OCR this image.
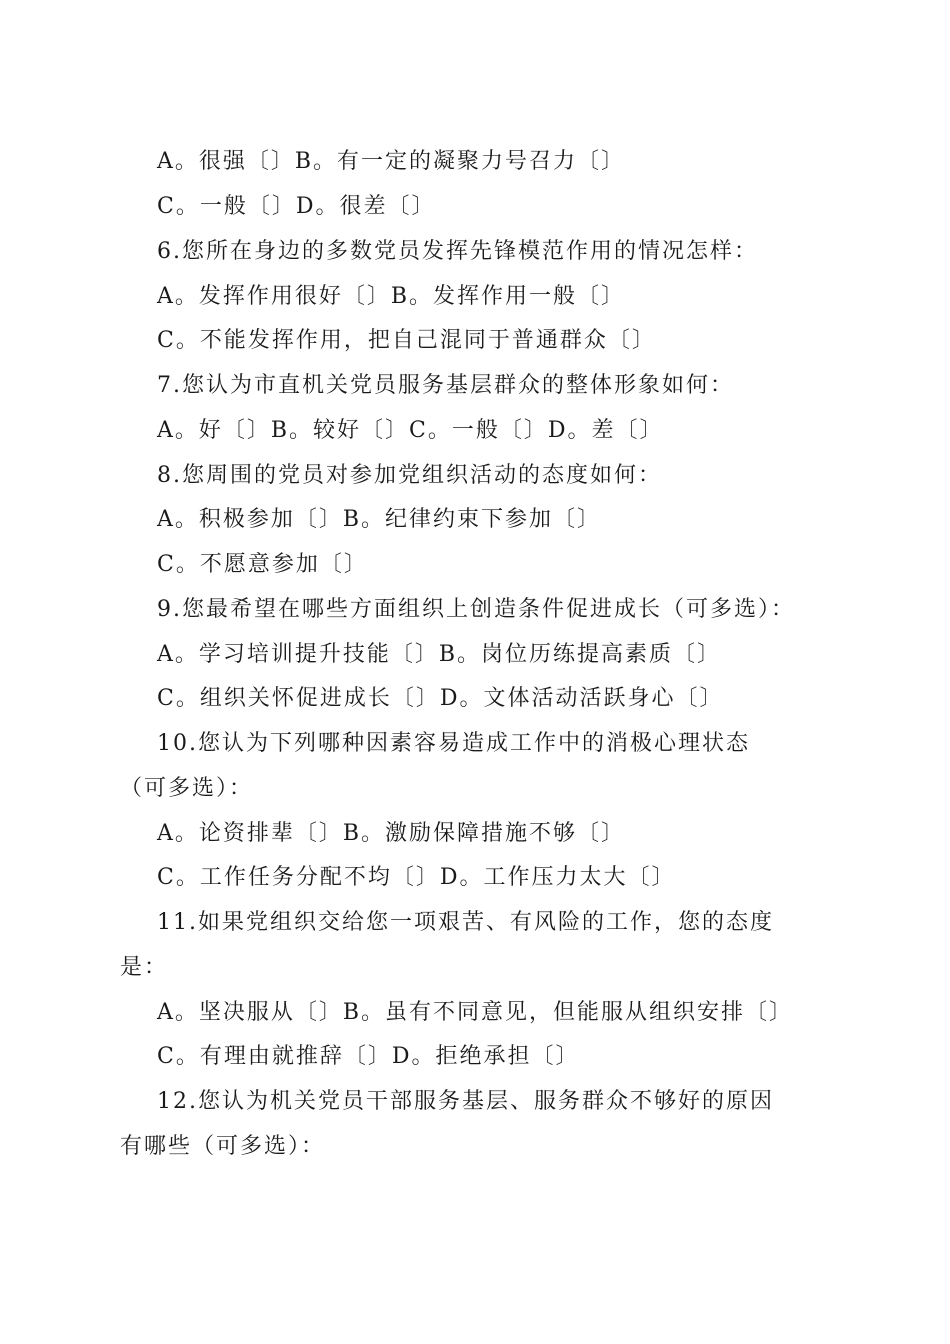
A。很强〔〕B。有一定的凝聚力号召力〔〕
C。一般〔〕D。很差〔〕
6.您所在身边的多数党员发挥先锋模范作用的情况怎样：
A。发挥作用很好〔〕B。发挥作用一般〔〕
C。不能发挥作用，把自己混同于普通群众〔〕
7.您认为市直机关党员服务基层群众的整体形象如何：
A。好〔〕B。较好〔〕C。一般〔〕D。差〔〕
8.您周围的党员对参加党组织活动的态度如何：
A。积极参加〔〕B。纪律约束下参加〔〕
C。不愿意参加〔〕
9.您最希望在哪些方面组织上创造条件促进成长（可多选）：
A。学习培训提升技能〔〕B。岗位历练提高素质〔〕
C。组织关怀促进成长〔〕D。文体活动活跃身心〔〕
10.您认为下列哪种因素容易造成工作中的消极心理状态
（可多选）：
A。论资排辈〔〕B。激励保障措施不够〔〕
C。工作任务分配不均〔〕D。工作压力太大〔〕
11.如果党组织交给您一项艰苦、有风险的工作，您的态度
是：
A。坚决服从〔〕B。虽有不同意见，但能服从组织安排〔〕
C。有理由就推辞〔〕D。拒绝承担〔〕
12.您认为机关党员干部服务基层、服务群众不够好的原因
有哪些（可多选）：
